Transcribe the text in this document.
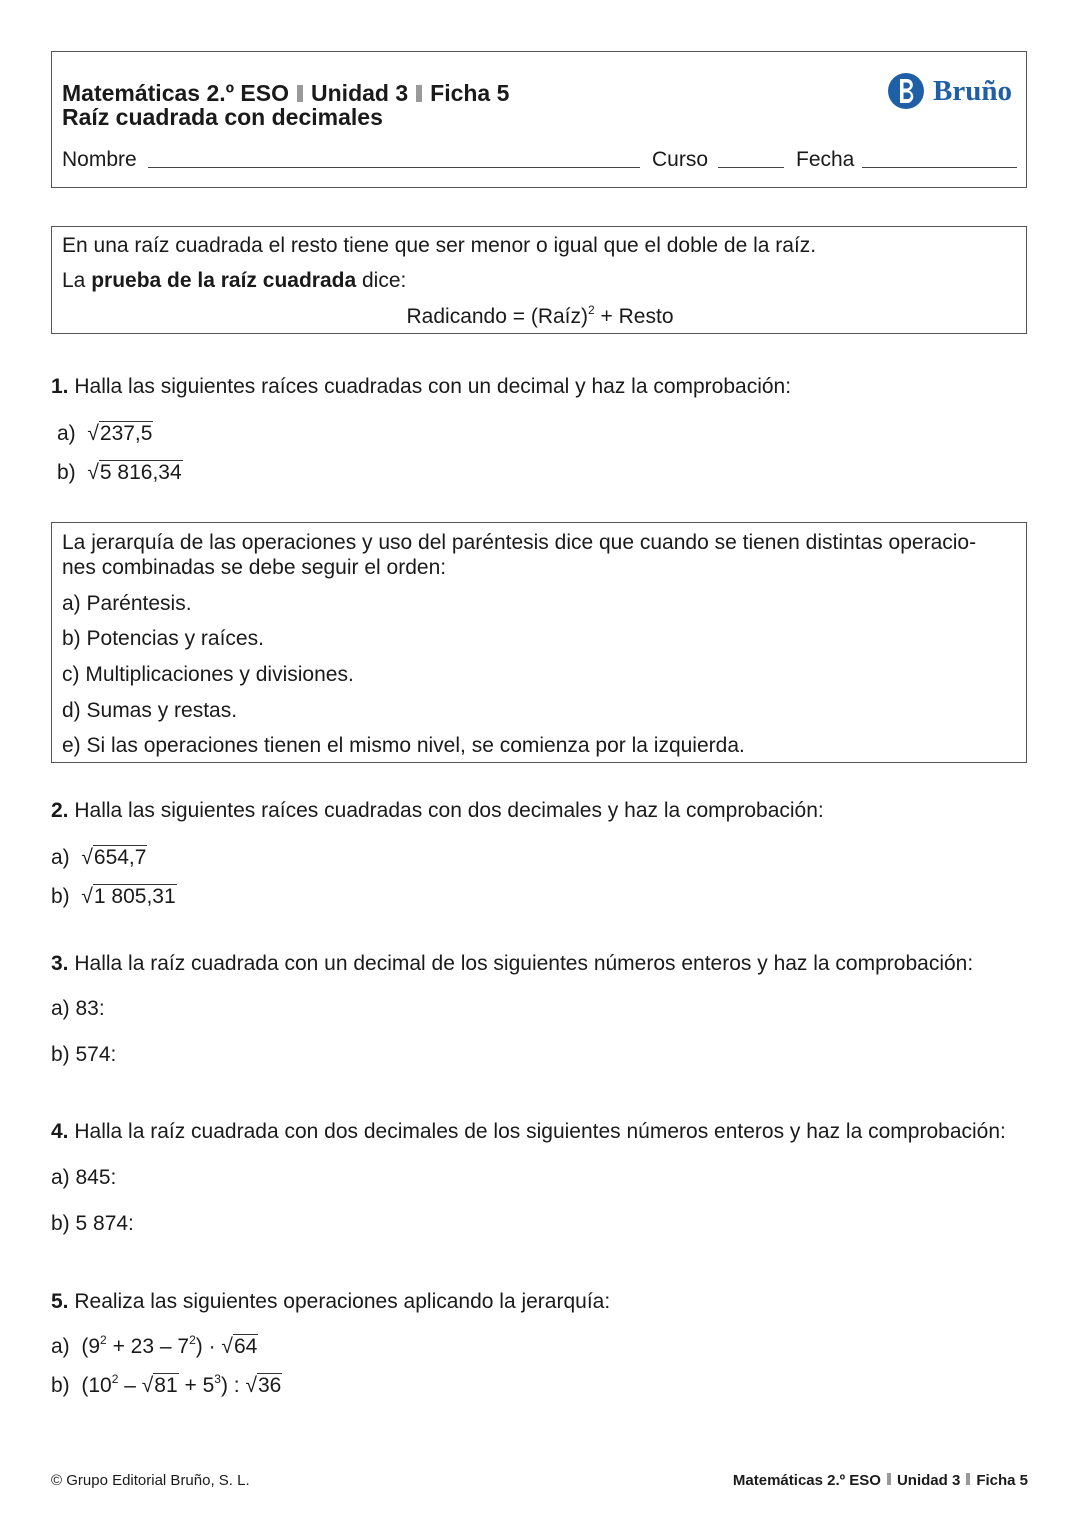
Matemáticas 2.º ESO Unidad 3 Ficha 5
Raíz cuadrada con decimales
Bruño
Nombre	Curso	Fecha
En una raíz cuadrada el resto tiene que ser menor o igual que el doble de la raíz.
La prueba de la raíz cuadrada dice:
Radicando = (Raíz)$^2$ + Resto
1. Halla las siguientes raíces cuadradas con un decimal y haz la comprobación:
a)  √237,5
b)  √5 816,34
La jerarquía de las operaciones y uso del paréntesis dice que cuando se tienen distintas operacio-
nes combinadas se debe seguir el orden:
a) Paréntesis.
b) Potencias y raíces.
c) Multiplicaciones y divisiones.
d) Sumas y restas.
e) Si las operaciones tienen el mismo nivel, se comienza por la izquierda.
2. Halla las siguientes raíces cuadradas con dos decimales y haz la comprobación:
a)  √654,7
b)  √1 805,31
3. Halla la raíz cuadrada con un decimal de los siguientes números enteros y haz la comprobación:
a) 83:
b) 574:
4. Halla la raíz cuadrada con dos decimales de los siguientes números enteros y haz la comprobación:
a) 845:
b) 5 874:
5. Realiza las siguientes operaciones aplicando la jerarquía:
a) $(9^2 + 23 - 7^2) \cdot √64$
b) $(10^2 - √81 + 5^3)$ : √36
© Grupo Editorial Bruño, S. L.	Matemáticas 2.º ESO Unidad 3 Ficha 5
